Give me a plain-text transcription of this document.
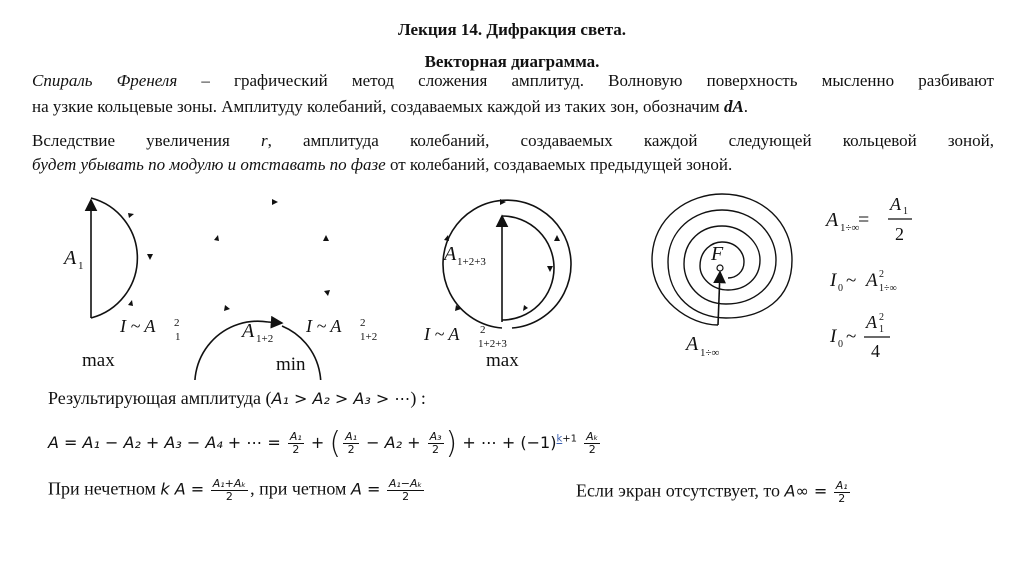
Лекция 14. Дифракция света.
Векторная диаграмма.
Спираль Френеля – графический метод сложения амплитуд. Волновую поверхность мысленно разбивают
на узкие кольцевые зоны. Амплитуду колебаний, создаваемых каждой из таких зон, обозначим dA.
Вследствие увеличения r, амплитуда колебаний, создаваемых каждой следующей кольцевой зоной,
будет убывать по модулю и отставать по фазе от колебаний, создаваемых предыдущей зоной.
A 1
I ~ A 2
1
max
A 1+2
I ~ A 2
1+2
min
A 1+2+3
I ~ A 2
1+2+3
max
F
A 1÷∞
A 1÷∞
=
A 1
2
I 0 ~ A 2
1÷∞
I 0 ~
A 2
1
4
Результирующая амплитуда (A₁ > A₂ > A₃ > ⋯) :
A = A₁ − A₂ + A₃ − A₄ + ⋯ = $\frac{\text{A₁}}{2}$ + ( $\frac{\text{A₁}}{2} - A_2 + \frac{\text{A₃}}{2}$ ) + ⋯ + $(-1)^{k+1} \frac{\text{Aₖ}}{2}$
При нечетном k $A = \frac{\text{A₁+Aₖ}}{2}$ , при четном $A = \frac{\text{A₁−Aₖ}}{2}$	Если экран отсутствует, то $A\infty = \frac{\text{A₁}}{2}$
